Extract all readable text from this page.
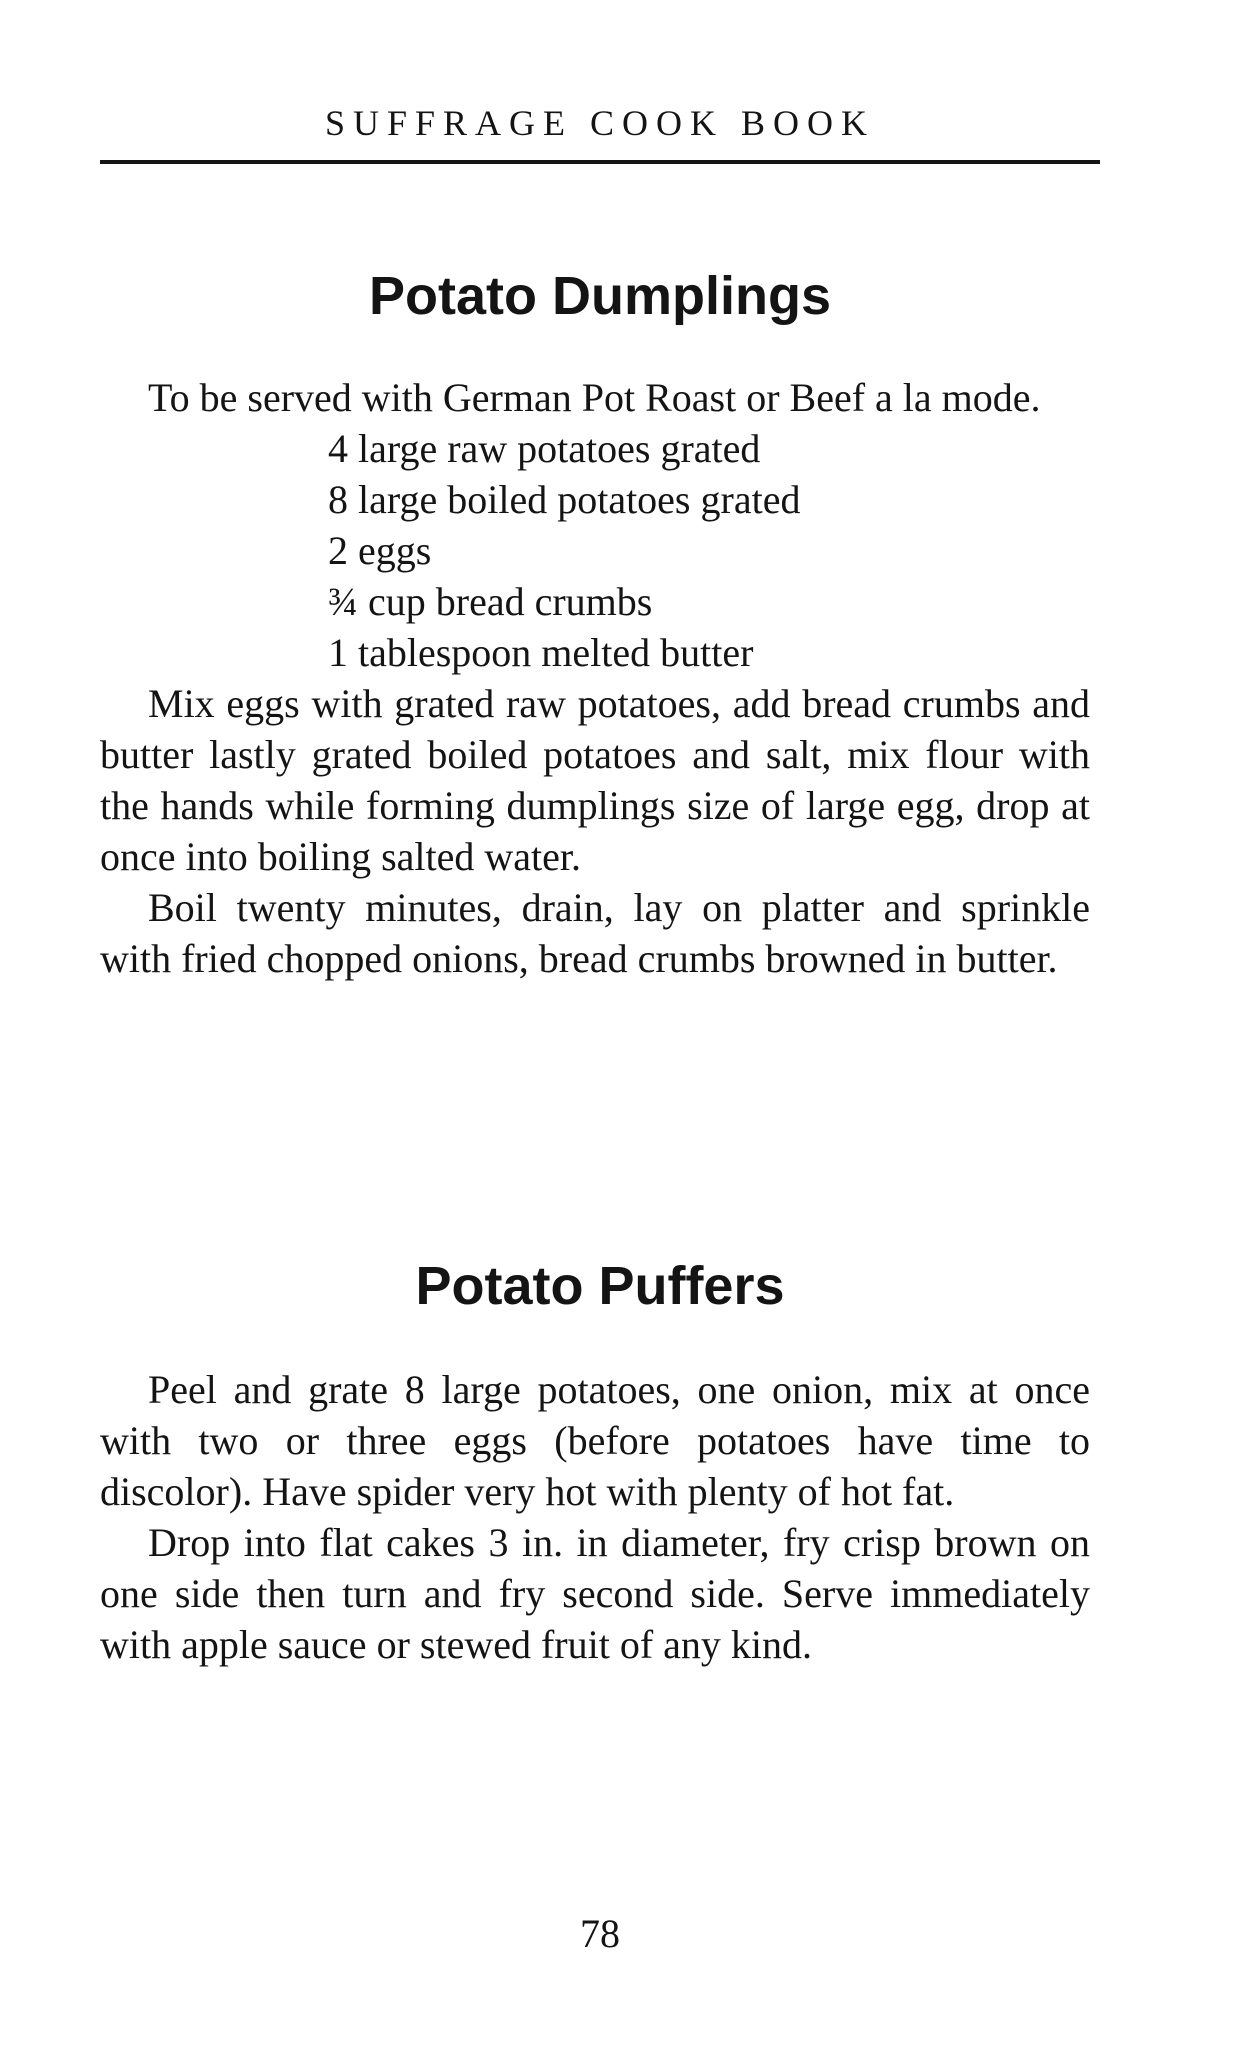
SUFFRAGE COOK BOOK
Potato Dumplings

To be served with German Pot Roast or Beef a la mode.

4 large raw potatoes grated
8 large boiled potatoes grated
2 eggs
¾ cup bread crumbs
1 tablespoon melted butter

Mix eggs with grated raw potatoes, add bread crumbs and butter lastly grated boiled potatoes and salt, mix flour with the hands while forming dumplings size of large egg, drop at once into boiling salted water.

Boil twenty minutes, drain, lay on platter and sprinkle with fried chopped onions, bread crumbs browned in butter.

Potato Puffers

Peel and grate 8 large potatoes, one onion, mix at once with two or three eggs (before potatoes have time to discolor). Have spider very hot with plenty of hot fat.

Drop into flat cakes 3 in. in diameter, fry crisp brown on one side then turn and fry second side. Serve immediately with apple sauce or stewed fruit of any kind.

78
